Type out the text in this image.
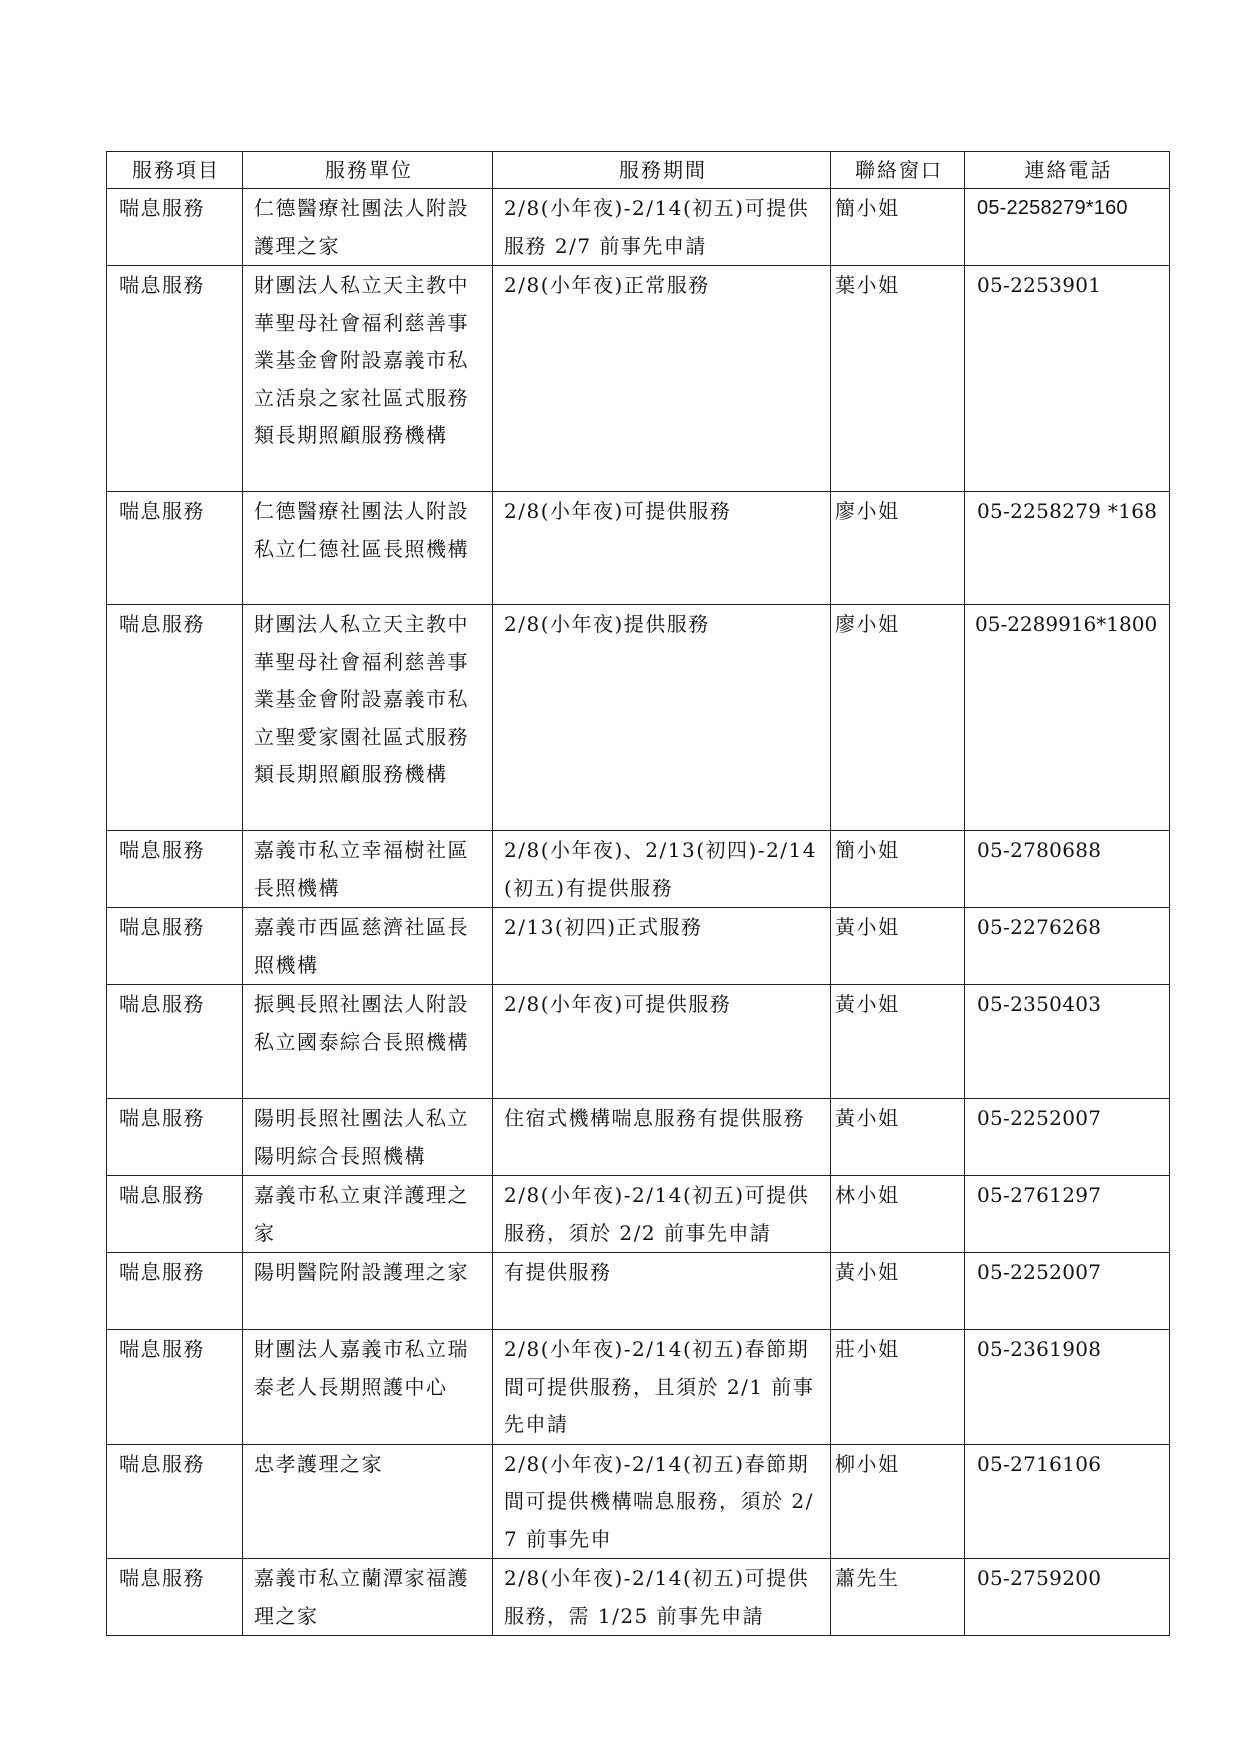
服務項目	服務單位	服務期間	聯絡窗口	連絡電話
喘息服務	仁德醫療社團法人附設護理之家	2/8(小年夜)-2/14(初五)可提供服務 2/7 前事先申請	簡小姐	05-2258279*160
喘息服務	財團法人私立天主教中華聖母社會福利慈善事業基金會附設嘉義市私立活泉之家社區式服務類長期照顧服務機構	2/8(小年夜)正常服務	葉小姐	05-2253901
喘息服務	仁德醫療社團法人附設私立仁德社區長照機構	2/8(小年夜)可提供服務	廖小姐	05-2258279 *168
喘息服務	財團法人私立天主教中華聖母社會福利慈善事業基金會附設嘉義市私立聖愛家園社區式服務類長期照顧服務機構	2/8(小年夜)提供服務	廖小姐	05-2289916*1800
喘息服務	嘉義市私立幸福樹社區長照機構	2/8(小年夜)、2/13(初四)-2/14(初五)有提供服務	簡小姐	05-2780688
喘息服務	嘉義市西區慈濟社區長照機構	2/13(初四)正式服務	黃小姐	05-2276268
喘息服務	振興長照社團法人附設私立國泰綜合長照機構	2/8(小年夜)可提供服務	黃小姐	05-2350403
喘息服務	陽明長照社團法人私立陽明綜合長照機構	住宿式機構喘息服務有提供服務	黃小姐	05-2252007
喘息服務	嘉義市私立東洋護理之家	2/8(小年夜)-2/14(初五)可提供服務，須於 2/2 前事先申請	林小姐	05-2761297
喘息服務	陽明醫院附設護理之家	有提供服務	黃小姐	05-2252007
喘息服務	財團法人嘉義市私立瑞泰老人長期照護中心	2/8(小年夜)-2/14(初五)春節期間可提供服務，且須於 2/1 前事先申請	莊小姐	05-2361908
喘息服務	忠孝護理之家	2/8(小年夜)-2/14(初五)春節期間可提供機構喘息服務，須於 2/7 前事先申	柳小姐	05-2716106
喘息服務	嘉義市私立蘭潭家福護理之家	2/8(小年夜)-2/14(初五)可提供服務，需 1/25 前事先申請	蕭先生	05-2759200
